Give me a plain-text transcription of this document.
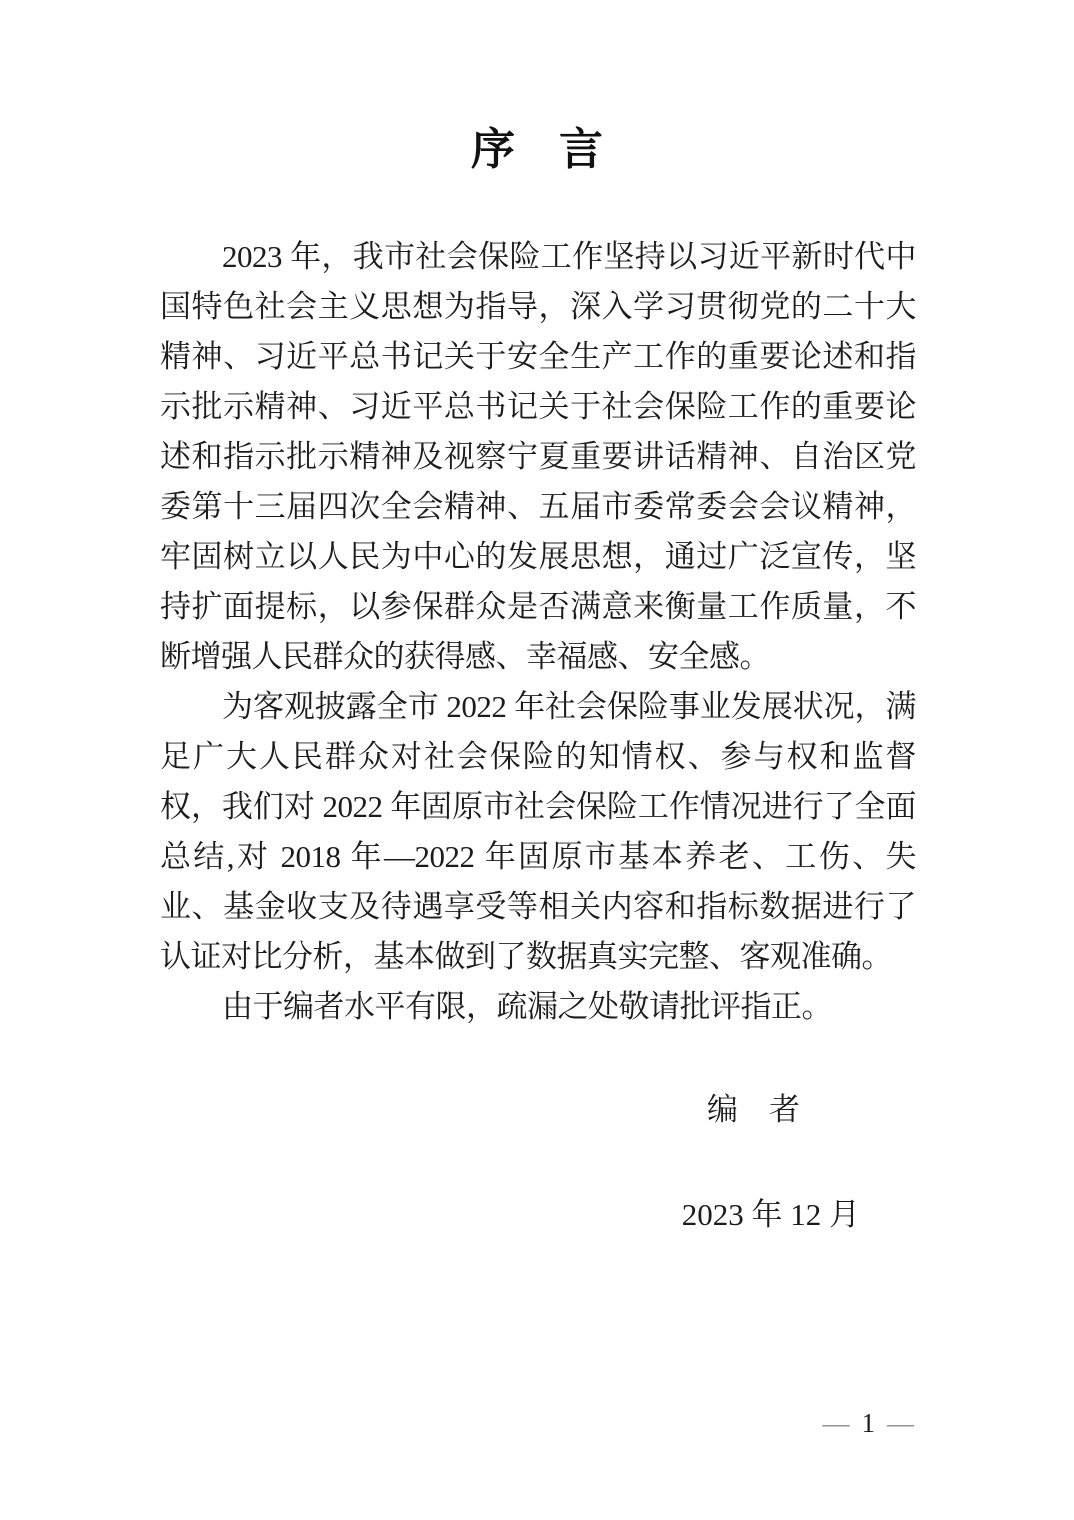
序　言

2023 年，我市社会保险工作坚持以习近平新时代中国特色社会主义思想为指导，深入学习贯彻党的二十大精神、习近平总书记关于安全生产工作的重要论述和指示批示精神、习近平总书记关于社会保险工作的重要论述和指示批示精神及视察宁夏重要讲话精神、自治区党委第十三届四次全会精神、五届市委常委会会议精神，牢固树立以人民为中心的发展思想，通过广泛宣传，坚持扩面提标，以参保群众是否满意来衡量工作质量，不断增强人民群众的获得感、幸福感、安全感。

为客观披露全市 2022 年社会保险事业发展状况，满足广大人民群众对社会保险的知情权、参与权和监督权，我们对 2022 年固原市社会保险工作情况进行了全面总结,对 2018 年—2022 年固原市基本养老、工伤、失业、基金收支及待遇享受等相关内容和指标数据进行了认证对比分析，基本做到了数据真实完整、客观准确。

由于编者水平有限，疏漏之处敬请批评指正。

编　者
2023 年 12 月
— 1 —
